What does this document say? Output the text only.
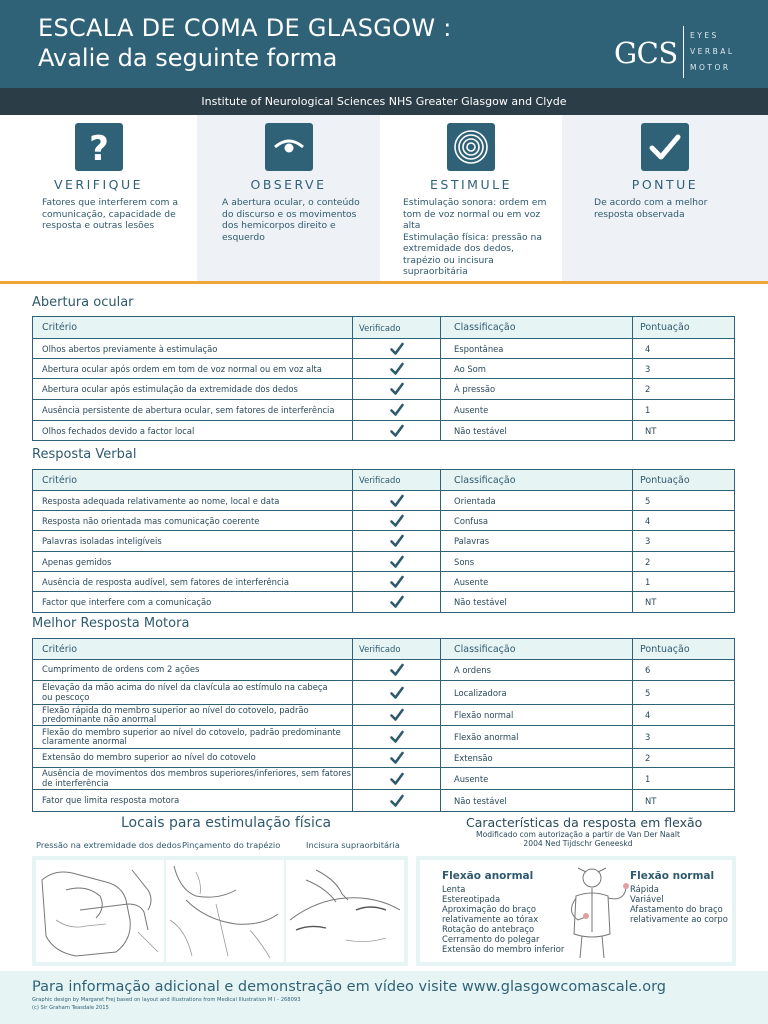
ESCALA DE COMA DE GLASGOW :
Avalie da seguinte forma	GCS
EYES
VERBAL
MOTOR
Institute of Neurological Sciences NHS Greater Glasgow and Clyde
?
VERIFIQUE
Fatores que interferem com a
comunicação, capacidade de
resposta e outras lesões
OBSERVE
A abertura ocular, o conteúdo
do discurso e os movimentos
dos hemicorpos direito e
esquerdo
ESTIMULE
Estimulação sonora: ordem em
tom de voz normal ou em voz
alta
Estimulação física: pressão na
extremidade dos dedos,
trapézio ou incisura
supraorbitária
PONTUE
De acordo com a melhor
resposta observada
Abertura ocular
Critério	Verificado	Classificação	Pontuação
Olhos abertos previamente à estimulação		Espontânea	4
Abertura ocular após ordem em tom de voz normal ou em voz alta		Ao Som	3
Abertura ocular após estimulação da extremidade dos dedos		À pressão	2
Ausência persistente de abertura ocular, sem fatores de interferência		Ausente	1
Olhos fechados devido a factor local		Não testável	NT
Resposta Verbal
Critério	Verificado	Classificação	Pontuação
Resposta adequada relativamente ao nome, local e data		Orientada	5
Resposta não orientada mas comunicação coerente		Confusa	4
Palavras isoladas inteligíveis		Palavras	3
Apenas gemidos		Sons	2
Ausência de resposta audível, sem fatores de interferência		Ausente	1
Factor que interfere com a comunicação		Não testável	NT
Melhor Resposta Motora
Critério	Verificado	Classificação	Pontuação

Cumprimento de ordens com 2 ações		A ordens	6

Elevação da mão acima do nível da clavícula ao estímulo na cabeça
ou pescoço		Localizadora	5

Flexão rápida do membro superior ao nível do cotovelo, padrão
predominante não anormal		Flexão normal	4

Flexão do membro superior ao nível do cotovelo, padrão predominante
claramente anormal		Flexão anormal	3

Extensão do membro superior ao nível do cotovelo		Extensão	2

Ausência de movimentos dos membros superiores/inferiores, sem fatores
de interferência		Ausente	1

Fator que limita resposta motora		Não testável	NT
Locais para estimulação física
Pressão na extremidade dos dedos Pinçamento do trapézio	Incisura supraorbitária
Características da resposta em flexão
Modificado com autorização a partir de Van Der Naalt
2004 Ned Tijdschr Geneeskd
Flexão anormal
Lenta
Estereotipada
Aproximação do braço
relativamente ao tórax
Rotação do antebraço
Cerramento do polegar
Extensão do membro inferior
Flexão normal
Rápida
Variável
Afastamento do braço
relativamente ao corpo
Para informação adicional e demonstração em vídeo visite www.glasgowcomascale.org
Graphic design by Margaret Frej based on layout and illustrations from Medical Illustration M I - 268093
(c) Sir Graham Teasdale 2015
